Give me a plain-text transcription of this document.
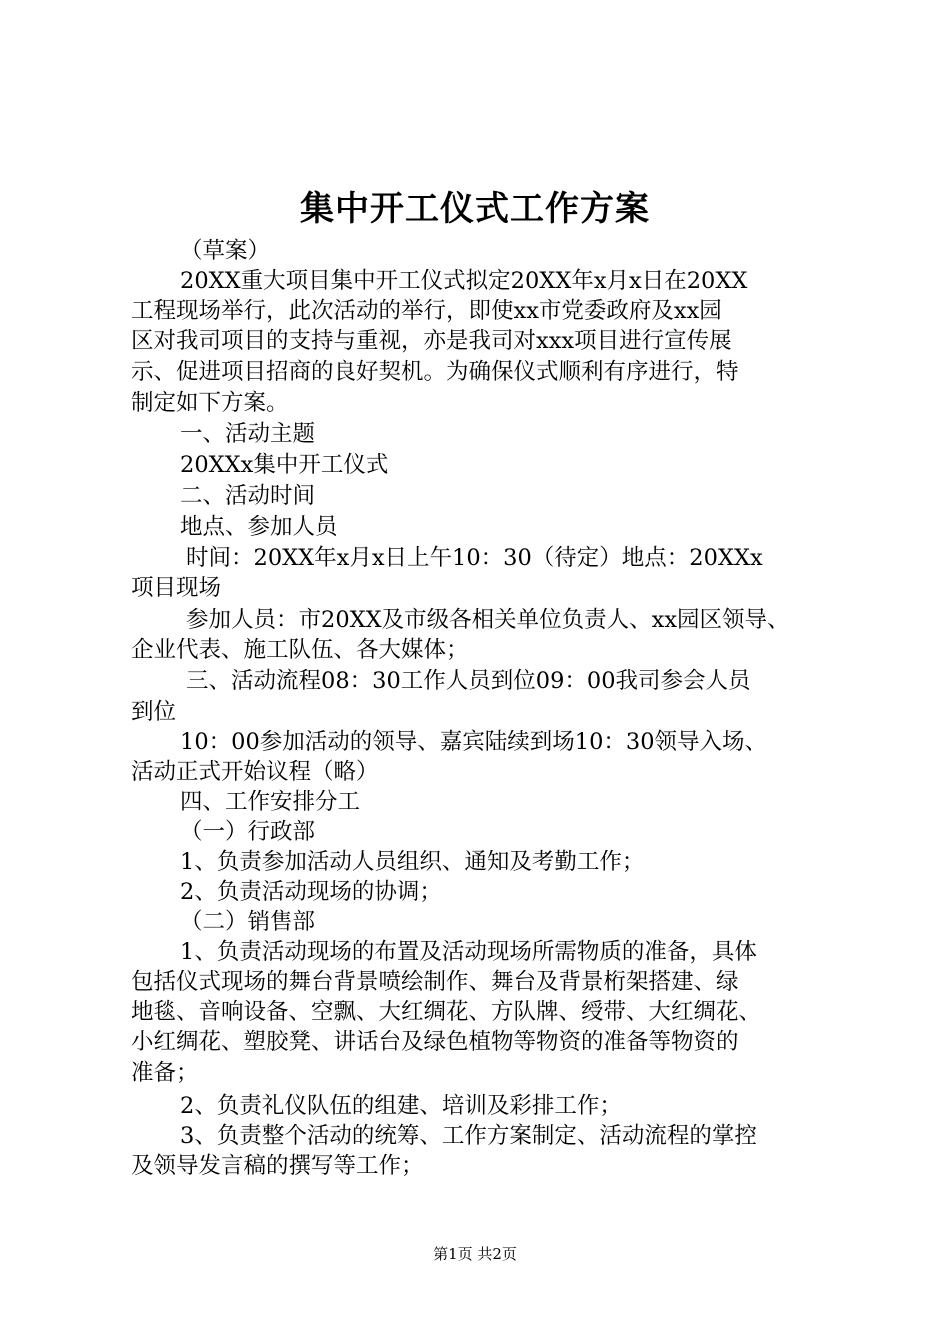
集中开工仪式工作方案
（草案）
20XX重大项目集中开工仪式拟定20XX年x月x日在20XX
工程现场举行，此次活动的举行，即使xx市党委政府及xx园
区对我司项目的支持与重视，亦是我司对xxx项目进行宣传展
示、促进项目招商的良好契机。为确保仪式顺利有序进行，特
制定如下方案。
一、活动主题
20XXx集中开工仪式
二、活动时间
地点、参加人员
时间：20XX年x月x日上午10：30（待定）地点：20XXx
项目现场
参加人员：市20XX及市级各相关单位负责人、xx园区领导、
企业代表、施工队伍、各大媒体；
三、活动流程08：30工作人员到位09：00我司参会人员
到位
10：00参加活动的领导、嘉宾陆续到场10：30领导入场、
活动正式开始议程（略）
四、工作安排分工
（一）行政部
1、负责参加活动人员组织、通知及考勤工作；
2、负责活动现场的协调；
（二）销售部
1、负责活动现场的布置及活动现场所需物质的准备，具体
包括仪式现场的舞台背景喷绘制作、舞台及背景桁架搭建、绿
地毯、音响设备、空飘、大红绸花、方队牌、绶带、大红绸花、
小红绸花、塑胶凳、讲话台及绿色植物等物资的准备等物资的
准备；
2、负责礼仪队伍的组建、培训及彩排工作；
3、负责整个活动的统筹、工作方案制定、活动流程的掌控
及领导发言稿的撰写等工作；
第1页 共2页
